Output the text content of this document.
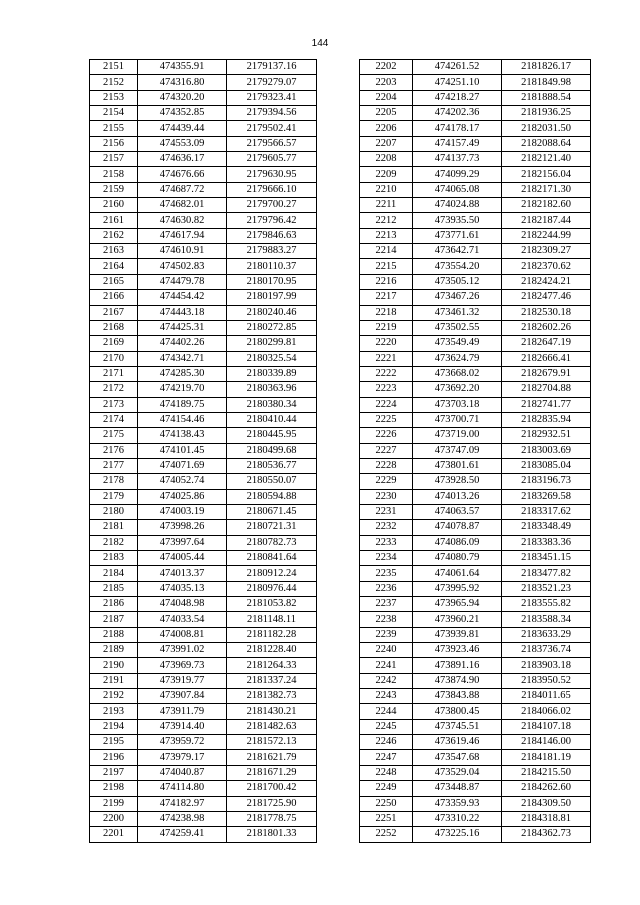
144
2151	474355.91	2179137.16
2152	474316.80	2179279.07
2153	474320.20	2179323.41
2154	474352.85	2179394.56
2155	474439.44	2179502.41
2156	474553.09	2179566.57
2157	474636.17	2179605.77
2158	474676.66	2179630.95
2159	474687.72	2179666.10
2160	474682.01	2179700.27
2161	474630.82	2179796.42
2162	474617.94	2179846.63
2163	474610.91	2179883.27
2164	474502.83	2180110.37
2165	474479.78	2180170.95
2166	474454.42	2180197.99
2167	474443.18	2180240.46
2168	474425.31	2180272.85
2169	474402.26	2180299.81
2170	474342.71	2180325.54
2171	474285.30	2180339.89
2172	474219.70	2180363.96
2173	474189.75	2180380.34
2174	474154.46	2180410.44
2175	474138.43	2180445.95
2176	474101.45	2180499.68
2177	474071.69	2180536.77
2178	474052.74	2180550.07
2179	474025.86	2180594.88
2180	474003.19	2180671.45
2181	473998.26	2180721.31
2182	473997.64	2180782.73
2183	474005.44	2180841.64
2184	474013.37	2180912.24
2185	474035.13	2180976.44
2186	474048.98	2181053.82
2187	474033.54	2181148.11
2188	474008.81	2181182.28
2189	473991.02	2181228.40
2190	473969.73	2181264.33
2191	473919.77	2181337.24
2192	473907.84	2181382.73
2193	473911.79	2181430.21
2194	473914.40	2181482.63
2195	473959.72	2181572.13
2196	473979.17	2181621.79
2197	474040.87	2181671.29
2198	474114.80	2181700.42
2199	474182.97	2181725.90
2200	474238.98	2181778.75
2201	474259.41	2181801.33
2202	474261.52	2181826.17
2203	474251.10	2181849.98
2204	474218.27	2181888.54
2205	474202.36	2181936.25
2206	474178.17	2182031.50
2207	474157.49	2182088.64
2208	474137.73	2182121.40
2209	474099.29	2182156.04
2210	474065.08	2182171.30
2211	474024.88	2182182.60
2212	473935.50	2182187.44
2213	473771.61	2182244.99
2214	473642.71	2182309.27
2215	473554.20	2182370.62
2216	473505.12	2182424.21
2217	473467.26	2182477.46
2218	473461.32	2182530.18
2219	473502.55	2182602.26
2220	473549.49	2182647.19
2221	473624.79	2182666.41
2222	473668.02	2182679.91
2223	473692.20	2182704.88
2224	473703.18	2182741.77
2225	473700.71	2182835.94
2226	473719.00	2182932.51
2227	473747.09	2183003.69
2228	473801.61	2183085.04
2229	473928.50	2183196.73
2230	474013.26	2183269.58
2231	474063.57	2183317.62
2232	474078.87	2183348.49
2233	474086.09	2183383.36
2234	474080.79	2183451.15
2235	474061.64	2183477.82
2236	473995.92	2183521.23
2237	473965.94	2183555.82
2238	473960.21	2183588.34
2239	473939.81	2183633.29
2240	473923.46	2183736.74
2241	473891.16	2183903.18
2242	473874.90	2183950.52
2243	473843.88	2184011.65
2244	473800.45	2184066.02
2245	473745.51	2184107.18
2246	473619.46	2184146.00
2247	473547.68	2184181.19
2248	473529.04	2184215.50
2249	473448.87	2184262.60
2250	473359.93	2184309.50
2251	473310.22	2184318.81
2252	473225.16	2184362.73
